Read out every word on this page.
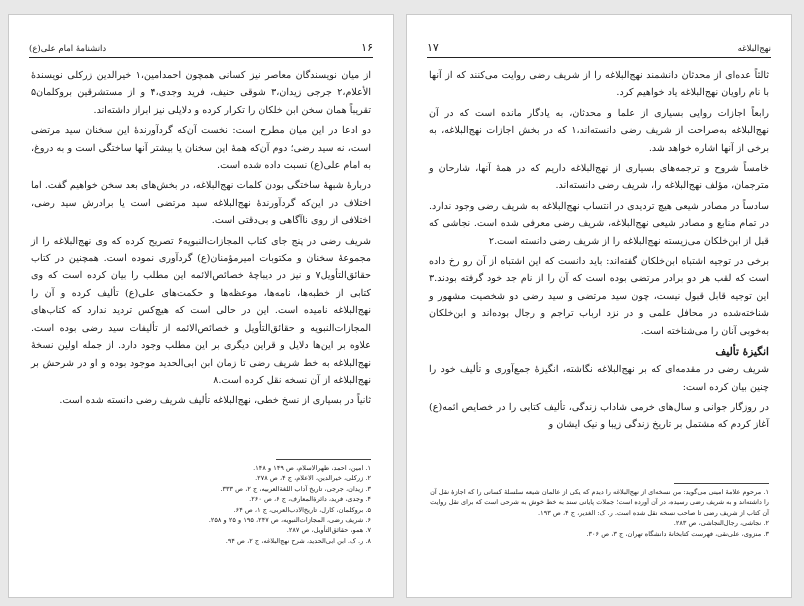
۱۶
دانشنامهٔ امام علی(ع)

از میان نویسندگان معاصر نیز کسانی همچون احمدامین،۱ خیرالدین زرکلی نویسندهٔ الأعلام،۲ جرجی زیدان،۳ شوقی حنیف، فرید وجدی،۴ و از مستشرقین بروکلمان۵ تقریباً همان سخن ابن خلکان را تکرار کرده و دلایلی نیز ابراز داشته‌اند.

دو ادعا در این میان مطرح است: نخست آن‌که گردآورندهٔ این سخنان سید مرتضی است، نه سید رضی؛ دوم آن‌که همهٔ این سخنان یا بیشتر آنها ساختگی است و به دروغ، به امام علی(ع) نسبت داده شده است.

دربارهٔ شبههٔ ساختگی بودن کلمات نهج‌البلاغه، در بخش‌های بعد سخن خواهیم گفت. اما اختلاف در این‌که گردآورندهٔ نهج‌البلاغه سید مرتضی است یا برادرش سید رضی، اختلافی از روی ناآگاهی و بی‌دقتی است.

شریف رضی در پنج جای کتاب المجازات‌النبویه۶ تصریح کرده که وی نهج‌البلاغه را از مجموعهٔ سخنان و مکتوبات امیرمؤمنان(ع) گردآوری نموده است. همچنین در کتاب حقائق‌التأویل۷ و نیز در دیباچهٔ خصائص‌الائمه این مطلب را بیان کرده است که وی کتابی از خطبه‌ها، نامه‌ها، موعظه‌ها و حکمت‌های علی(ع) تألیف کرده و آن را نهج‌البلاغه نامیده است. این در حالی است که هیچ‌کس تردید ندارد که کتاب‌های المجازات‌النبویه و حقائق‌التأویل و خصائص‌الائمه از تألیفات سید رضی بوده است. علاوه بر این‌ها دلایل و قراین دیگری بر این مطلب وجود دارد. از جمله اولین نسخهٔ نهج‌البلاغه به خط شریف رضی تا زمان ابن ابی‌الحدید موجود بوده و او در شرحش بر نهج‌البلاغه از آن نسخه نقل کرده است.۸

ثانیاً در بسیاری از نسخ خطی، نهج‌البلاغه تألیف شریف رضی دانسته شده است.

۱. امین، احمد، ظهرالاسلام، ص ۱۴۹ و ۱۴۸.

۲. زرکلی، خیرالدین، الاعلام، ج ۴، ص ۲۷۸.

۳. زیدان، جرجی، تاریخ آداب اللغة‌العربیه، ج ۲، ص ۳۳۳.

۴. وجدی، فرید، دائرة‌المعارف، ج ۶، ص ۲۶۰.

۵. بروکلمان، کارل، تاریخ‌الادب‌العربی، ج ۱، ص ۶۴.

۶. شریف رضی، المجازات‌النبویه، ص ۲۴۷، ۱۹۵ و ۲۵ و ۲۵۸.

۷. همو، حقائق‌التأویل، ص ۲۸۷.

۸. ر. ک. ابن ابی‌الحدید، شرح نهج‌البلاغه، ج ۲، ص ۹۴.

نهج‌البلاغه
۱۷

ثالثاً عده‌ای از محدثان دانشمند نهج‌البلاغه را از شریف رضی روایت می‌کنند که از آنها با نام راویان نهج‌البلاغه یاد خواهیم کرد.

رابعاً اجازات روایی بسیاری از علما و محدثان، به یادگار مانده است که در آن نهج‌البلاغه به‌صراحت از شریف رضی دانسته‌اند،۱ که در بخش اجازات نهج‌البلاغه، به برخی از آنها اشاره خواهد شد.

خامساً شروح و ترجمه‌های بسیاری از نهج‌البلاغه داریم که در همهٔ آنها، شارحان و مترجمان، مؤلف نهج‌البلاغه را، شریف رضی دانسته‌اند.

سادساً در مصادر شیعی هیچ تردیدی در انتساب نهج‌البلاغه به شریف رضی وجود ندارد. در تمام منابع و مصادر شیعی نهج‌البلاغه، شریف رضی معرفی شده است. نجاشی که قبل از ابن‌خلکان می‌زیسته نهج‌البلاغه را از شریف رضی دانسته است.۲

برخی در توجیه اشتباه ابن‌خلکان گفته‌اند: باید دانست که این اشتباه از آن رو رخ داده است که لقب هر دو برادر مرتضی بوده است که آن را از نام جد خود گرفته بودند.۳ این توجیه قابل قبول نیست، چون سید مرتضی و سید رضی دو شخصیت مشهور و شناخته‌شده در محافل علمی و در نزد ارباب تراجم و رجال بوده‌اند و ابن‌خلکان به‌خوبی آنان را می‌شناخته است.

انگیزهٔ تألیف

شریف رضی در مقدمه‌ای که بر نهج‌البلاغه نگاشته، انگیزهٔ جمع‌آوری و تألیف خود را چنین بیان کرده است:

در روزگار جوانی و سال‌های خرمی شاداب زندگی، تألیف کتابی را در خصایص ائمه(ع) آغاز کردم که مشتمل بر تاریخ زندگی زیبا و نیک ایشان و

۱. مرحوم علامهٔ امینی می‌گوید: من نسخه‌ای از نهج‌البلاغه را دیدم که یکی از عالمان شیعه سلسلهٔ کسانی را که اجازهٔ نقل آن را داشته‌اند و به شریف رضی رسیده، در آن آورده است؛ جملات پایانی سند به خط خوش به شرحی است که برای نقل روایت آن کتاب از شریف رضی تا صاحب نسخه نقل شده است. ر. ک: الغدیر، ج ۴، ص ۱۹۳.

۲. نجاشی، رجال‌النجاشی، ص ۲۸۳.

۳. منزوی، علی‌نقی، فهرست کتابخانهٔ دانشگاه تهران، ج ۳، ص ۳۰۶.
